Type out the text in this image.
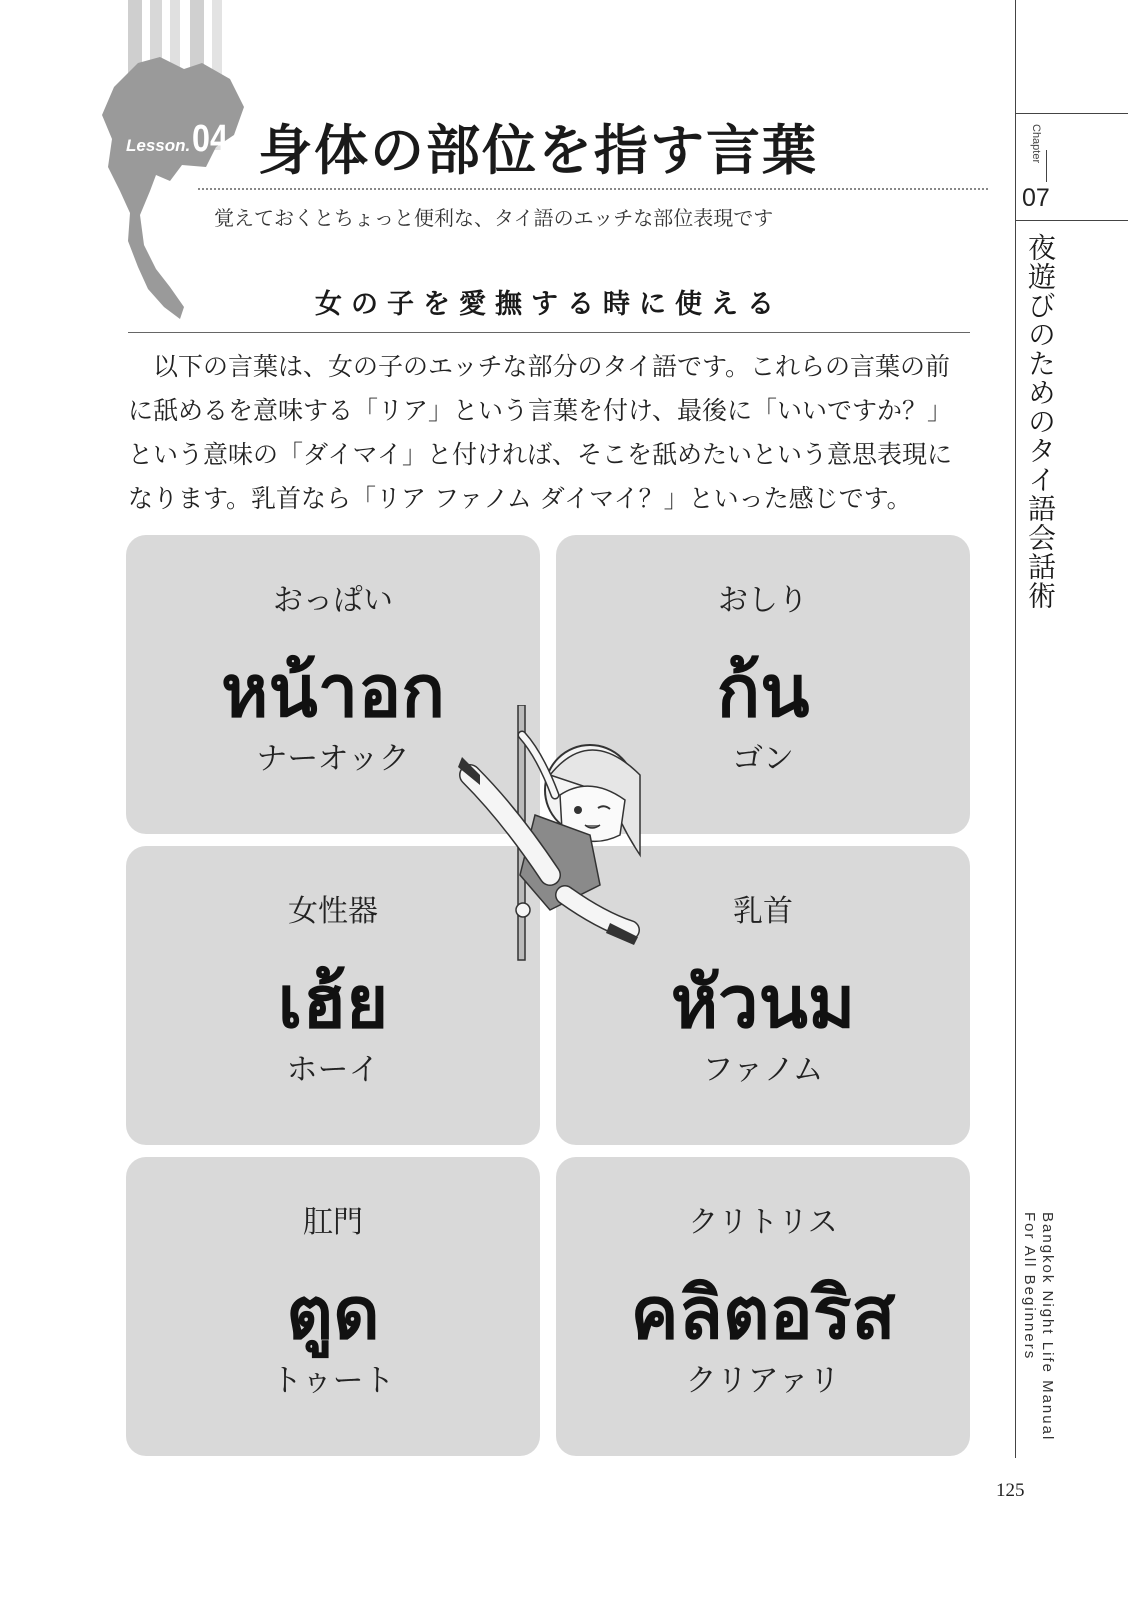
Lesson. 04 身体の部位を指す言葉
覚えておくとちょっと便利な、タイ語のエッチな部位表現です
女の子を愛撫する時に使える

以下の言葉は、女の子のエッチな部分のタイ語です。これらの言葉の前に舐めるを意味する「リア」という言葉を付け、最後に「いいですか？」という意味の「ダイマイ」と付ければ、そこを舐めたいという意思表現になります。乳首なら「リア ファノム ダイマイ？」といった感じです。

おっぱい
หน้าอก
ナーオック
おしり
ก้น
ゴン
女性器
เฮ้ย
ホーイ
乳首
หัวนม
ファノム
肛門
ตูด
トゥート
クリトリス
คลิตอริส
クリアァリ
Chapter
07
夜遊びのためのタイ語会話術
Bangkok Night Life Manual
For All Beginners
125
